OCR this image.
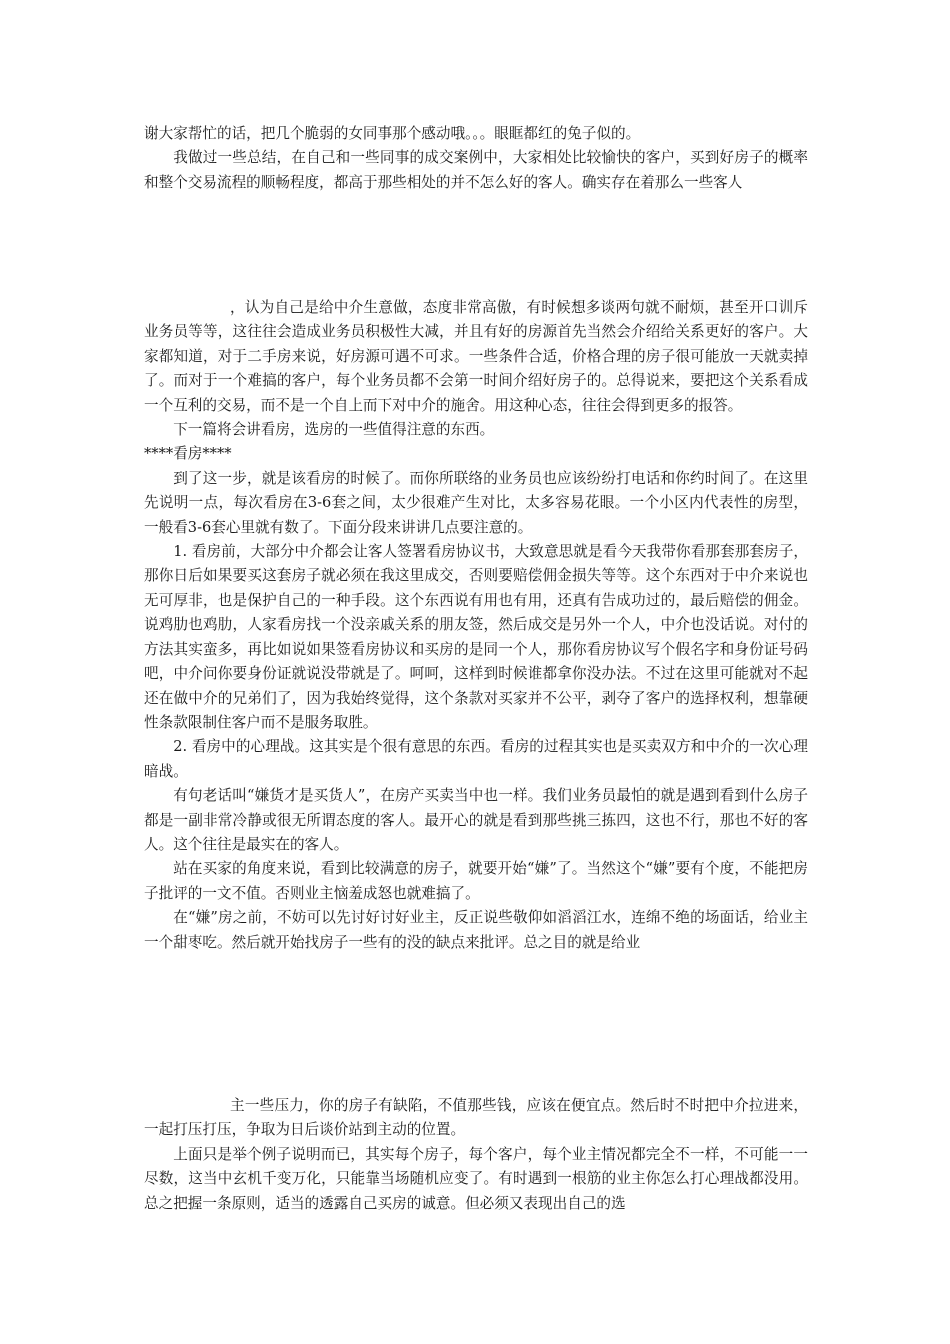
谢大家帮忙的话，把几个脆弱的女同事那个感动哦。。。眼眶都红的兔子似的。

我做过一些总结，在自己和一些同事的成交案例中，大家相处比较愉快的客户，买到好房子的概率和整个交易流程的顺畅程度，都高于那些相处的并不怎么好的客人。确实存在着那么一些客人

，认为自己是给中介生意做，态度非常高傲，有时候想多谈两句就不耐烦，甚至开口训斥业务员等等，这往往会造成业务员积极性大减，并且有好的房源首先当然会介绍给关系更好的客户。大家都知道，对于二手房来说，好房源可遇不可求。一些条件合适，价格合理的房子很可能放一天就卖掉了。而对于一个难搞的客户，每个业务员都不会第一时间介绍好房子的。总得说来，要把这个关系看成一个互利的交易，而不是一个自上而下对中介的施舍。用这种心态，往往会得到更多的报答。

下一篇将会讲看房，选房的一些值得注意的东西。

****看房****

到了这一步，就是该看房的时候了。而你所联络的业务员也应该纷纷打电话和你约时间了。在这里先说明一点，每次看房在3-6套之间，太少很难产生对比，太多容易花眼。一个小区内代表性的房型，一般看3-6套心里就有数了。下面分段来讲讲几点要注意的。

1. 看房前，大部分中介都会让客人签署看房协议书，大致意思就是看今天我带你看那套那套房子，那你日后如果要买这套房子就必须在我这里成交，否则要赔偿佣金损失等等。这个东西对于中介来说也无可厚非，也是保护自己的一种手段。这个东西说有用也有用，还真有告成功过的，最后赔偿的佣金。说鸡肋也鸡肋，人家看房找一个没亲戚关系的朋友签，然后成交是另外一个人，中介也没话说。对付的方法其实蛮多，再比如说如果签看房协议和买房的是同一个人，那你看房协议写个假名字和身份证号码吧，中介问你要身份证就说没带就是了。呵呵，这样到时候谁都拿你没办法。不过在这里可能就对不起还在做中介的兄弟们了，因为我始终觉得，这个条款对买家并不公平，剥夺了客户的选择权利，想靠硬性条款限制住客户而不是服务取胜。

2. 看房中的心理战。这其实是个很有意思的东西。看房的过程其实也是买卖双方和中介的一次心理暗战。

有句老话叫“嫌货才是买货人”，在房产买卖当中也一样。我们业务员最怕的就是遇到看到什么房子都是一副非常冷静或很无所谓态度的客人。最开心的就是看到那些挑三拣四，这也不行，那也不好的客人。这个往往是最实在的客人。

站在买家的角度来说，看到比较满意的房子，就要开始“嫌”了。当然这个“嫌”要有个度，不能把房子批评的一文不值。否则业主恼羞成怒也就难搞了。

在“嫌”房之前，不妨可以先讨好讨好业主，反正说些敬仰如滔滔江水，连绵不绝的场面话，给业主一个甜枣吃。然后就开始找房子一些有的没的缺点来批评。总之目的就是给业

主一些压力，你的房子有缺陷，不值那些钱，应该在便宜点。然后时不时把中介拉进来，一起打压打压，争取为日后谈价站到主动的位置。

上面只是举个例子说明而已，其实每个房子，每个客户，每个业主情况都完全不一样，不可能一一尽数，这当中玄机千变万化，只能靠当场随机应变了。有时遇到一根筋的业主你怎么打心理战都没用。总之把握一条原则，适当的透露自己买房的诚意。但必须又表现出自己的选
